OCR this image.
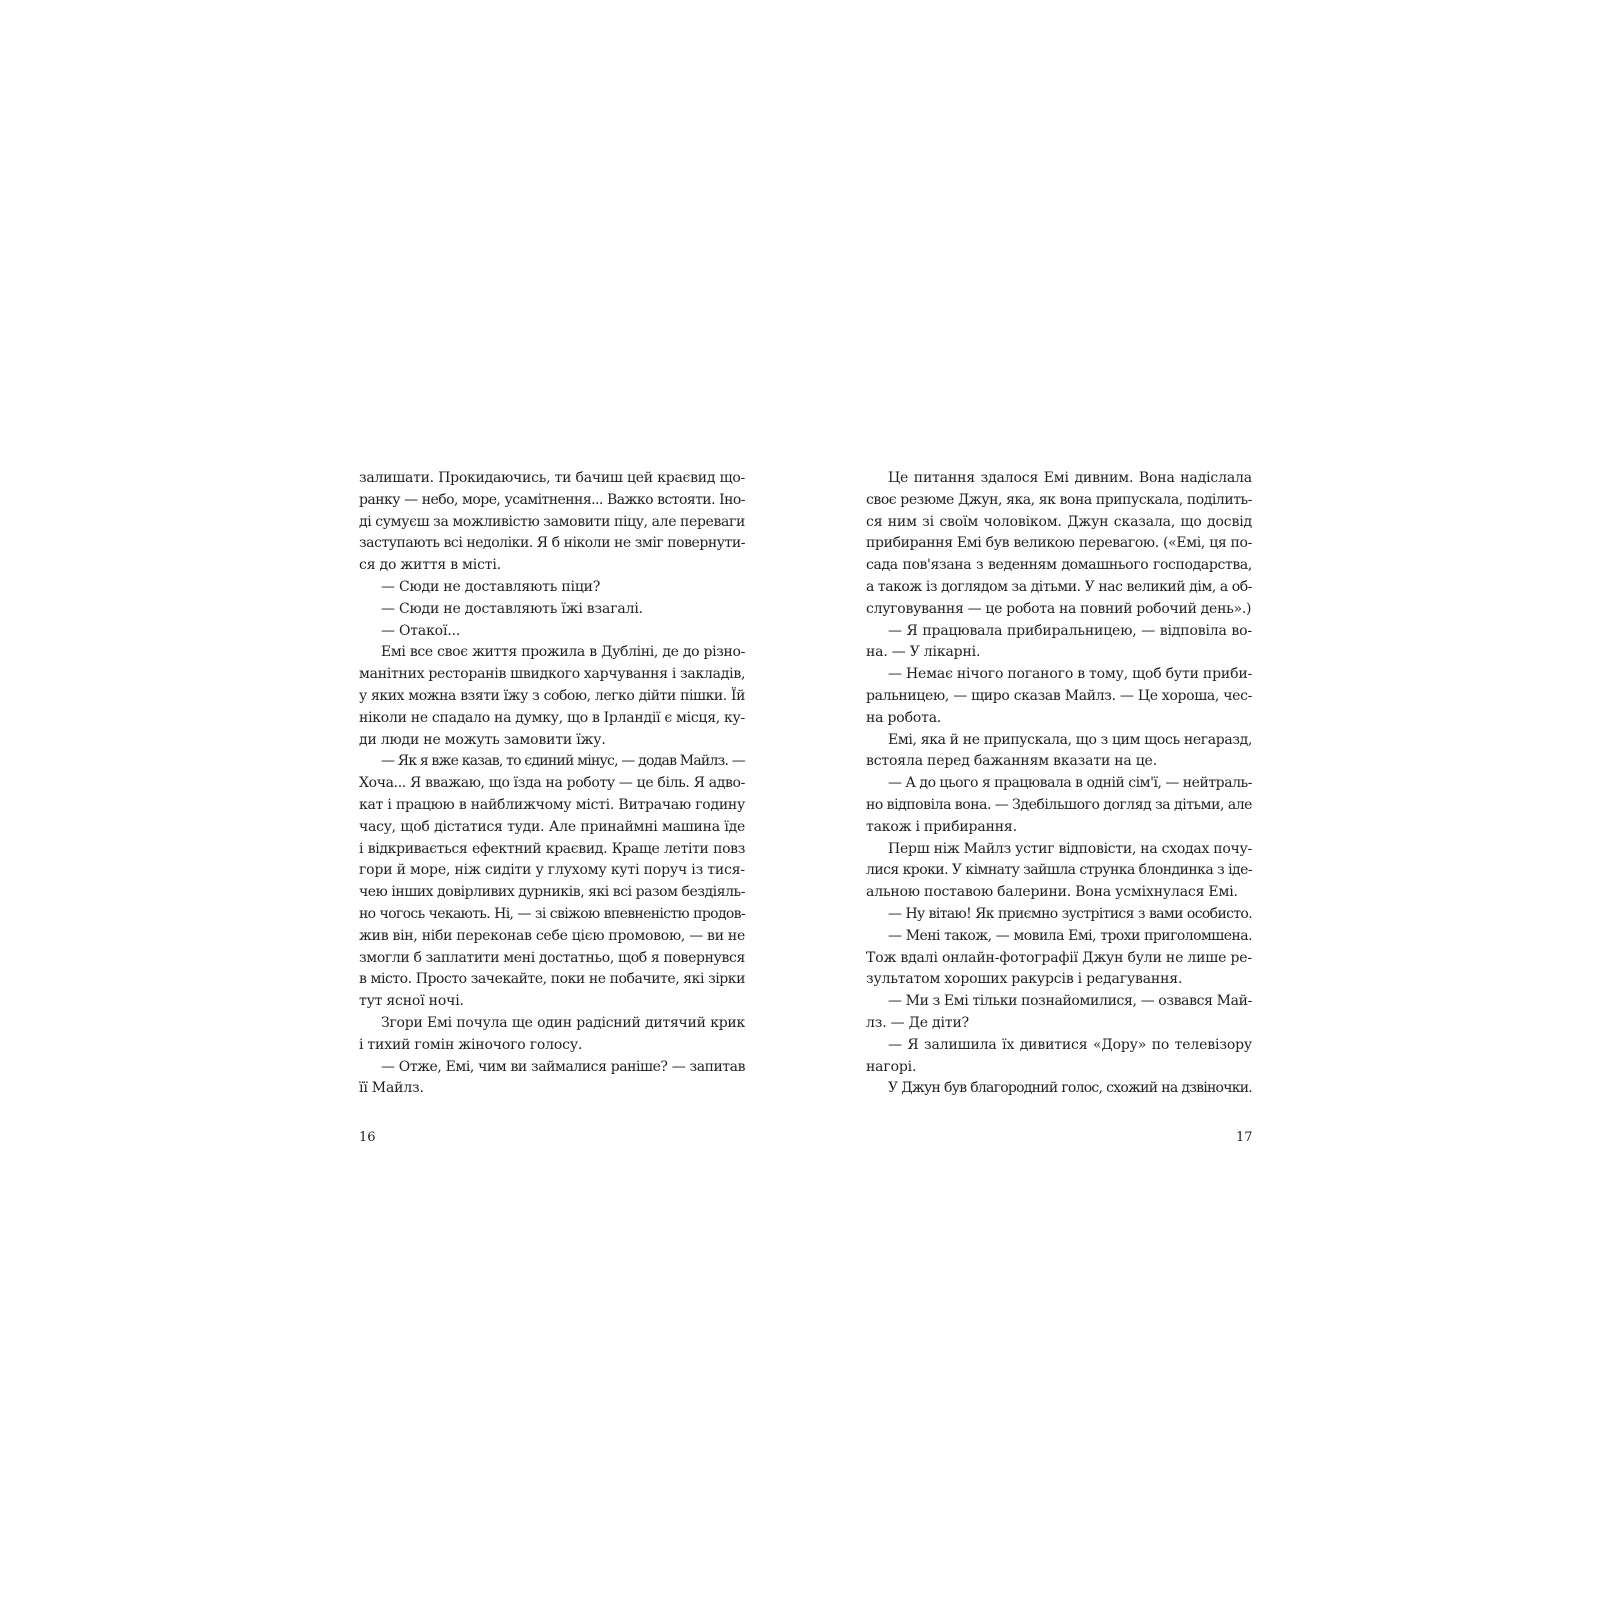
залишати. Прокидаючись, ти бачиш цей краєвид що-
ранку — небо, море, усамітнення... Важко встояти. Іно-
ді сумуєш за можливістю замовити піцу, але переваги
заступають всі недоліки. Я б ніколи не зміг повернути-
ся до життя в місті.
— Сюди не доставляють піци?
— Сюди не доставляють їжі взагалі.
— Отакої...
Емі все своє життя прожила в Дубліні, де до різно-
манітних ресторанів швидкого харчування і закладів,
у яких можна взяти їжу з собою, легко дійти пішки. Їй
ніколи не спадало на думку, що в Ірландії є місця, ку-
ди люди не можуть замовити їжу.
— Як я вже казав, то єдиний мінус, — додав Майлз. —
Хоча... Я вважаю, що їзда на роботу — це біль. Я адво-
кат і працюю в найближчому місті. Витрачаю годину
часу, щоб дістатися туди. Але принаймні машина їде
і відкривається ефектний краєвид. Краще летіти повз
гори й море, ніж сидіти у глухому куті поруч із тися-
чею інших довірливих дурників, які всі разом бездіяль-
но чогось чекають. Ні, — зі свіжою впевненістю продов-
жив він, ніби переконав себе цією промовою, — ви не
змогли б заплатити мені достатньо, щоб я повернувся
в місто. Просто зачекайте, поки не побачите, які зірки
тут ясної ночі.
Згори Емі почула ще один радісний дитячий крик
і тихий гомін жіночого голосу.
— Отже, Емі, чим ви займалися раніше? — запитав
її Майлз.
Це питання здалося Емі дивним. Вона надіслала
своє резюме Джун, яка, як вона припускала, поділить-
ся ним зі своїм чоловіком. Джун сказала, що досвід
прибирання Емі був великою перевагою. («Емі, ця по-
сада пов'язана з веденням домашнього господарства,
а також із доглядом за дітьми. У нас великий дім, а об-
слуговування — це робота на повний робочий день».)
— Я працювала прибиральницею, — відповіла во-
на. — У лікарні.
— Немає нічого поганого в тому, щоб бути приби-
ральницею, — щиро сказав Майлз. — Це хороша, чес-
на робота.
Емі, яка й не припускала, що з цим щось негаразд,
встояла перед бажанням вказати на це.
— А до цього я працювала в одній сім'ї, — нейтраль-
но відповіла вона. — Здебільшого догляд за дітьми, але
також і прибирання.
Перш ніж Майлз устиг відповісти, на сходах почу-
лися кроки. У кімнату зайшла струнка блондинка з іде-
альною поставою балерини. Вона усміхнулася Емі.
— Ну вітаю! Як приємно зустрітися з вами особисто.
— Мені також, — мовила Емі, трохи приголомшена.
Тож вдалі онлайн-фотографії Джун були не лише ре-
зультатом хороших ракурсів і редагування.
— Ми з Емі тільки познайомилися, — озвався Май-
лз. — Де діти?
— Я залишила їх дивитися «Дору» по телевізору
нагорі.
У Джун був благородний голос, схожий на дзвіночки.
16	17
